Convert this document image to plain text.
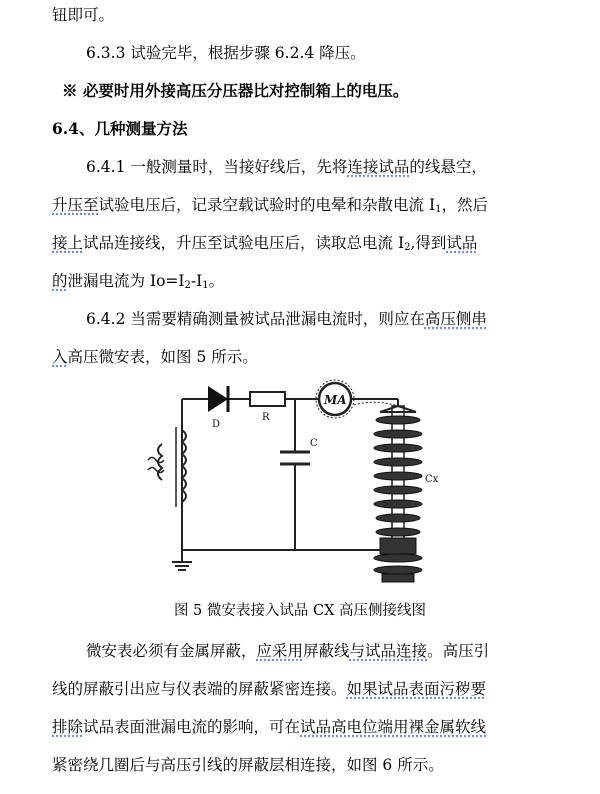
钮即可。
6.3.3 试验完毕，根据步骤 6.2.4 降压。
※ 必要时用外接高压分压器比对控制箱上的电压。
6.4、几种测量方法
6.4.1 一般测量时，当接好线后，先将连接试品的线悬空，
升压至试验电压后，记录空载试验时的电晕和杂散电流 $I_1$，然后
接上试品连接线，升压至试验电压后，读取总电流 $I_2$,得到试品
的泄漏电流为 $Io=I_2-I_1$。
6.4.2 当需要精确测量被试品泄漏电流时，则应在高压侧串
入高压微安表，如图 5 所示。
D
R
C
MA
Cx
图 5 微安表接入试品 CX 高压侧接线图
微安表必须有金属屏蔽，应采用屏蔽线与试品连接。高压引
线的屏蔽引出应与仪表端的屏蔽紧密连接。如果试品表面污秽要
排除试品表面泄漏电流的影响，可在试品高电位端用裸金属软线
紧密绕几圈后与高压引线的屏蔽层相连接，如图 6 所示。
